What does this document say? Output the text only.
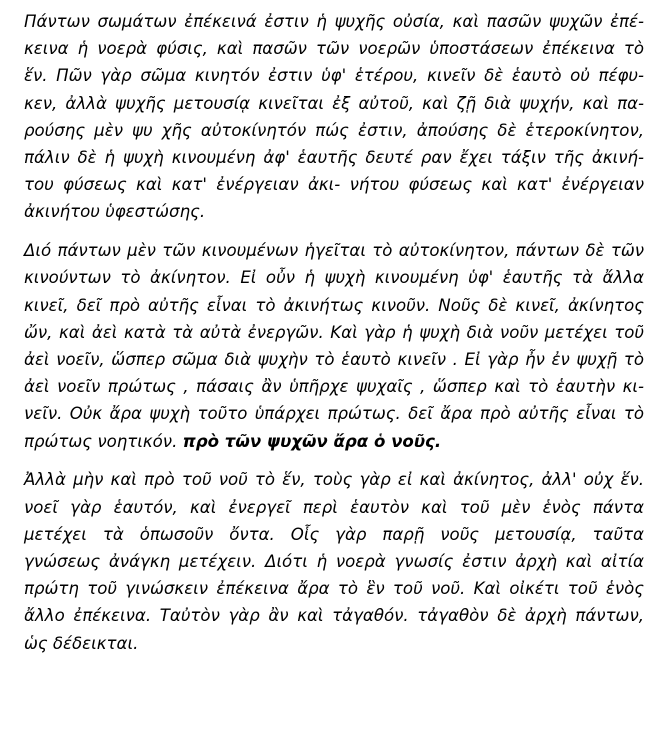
Πάντων σωμάτων ἐπέκεινά ἐστιν ἡ ψυχῆς οὐσία, καὶ πασῶν ψυχῶν ἐπέ-
κεινα ἡ νοερὰ φύσις, καὶ πασῶν τῶν νοερῶν ὑποστάσεων ἐπέκεινα τὸ
ἕν. Πῶν γὰρ σῶμα κινητόν ἐστιν ὑφ' ἑτέρου, κινεῖν δὲ ἑαυτὸ οὐ πέφυ-
κεν, ἀλλὰ ψυχῆς μετουσίᾳ κινεῖται ἐξ αὐτοῦ, καὶ ζῇ διὰ ψυχήν, καὶ πα-
ρούσης μὲν ψυ χῆς αὐτοκίνητόν πώς ἐστιν, ἀπούσης δὲ ἑτεροκίνητον,
πάλιν δὲ ἡ ψυχὴ κινουμένη ἀφ' ἑαυτῆς δευτέ ραν ἔχει τάξιν τῆς ἀκινή-
του φύσεως καὶ κατ' ἐνέργειαν ἀκι- νήτου φύσεως καὶ κατ' ἐνέργειαν
ἀκινήτου ὑφεστώσης.
Διό πάντων μὲν τῶν κινουμένων ἡγεῖται τὸ αὐτοκίνητον, πάντων δὲ τῶν
κινούντων τὸ ἀκίνητον. Εἰ οὖν ἡ ψυχὴ κινουμένη ὑφ' ἑαυτῆς τὰ ἄλλα
κινεῖ, δεῖ πρὸ αὐτῆς εἶναι τὸ ἀκινήτως κινοῦν. Νοῦς δὲ κινεῖ, ἀκίνητος
ὤν, καὶ ἀεὶ κατὰ τὰ αὐτὰ ἐνεργῶν. Καὶ γὰρ ἡ ψυχὴ διὰ νοῦν μετέχει τοῦ
ἀεὶ νοεῖν, ὥσπερ σῶμα διὰ ψυχὴν τὸ ἑαυτὸ κινεῖν . Εἰ γὰρ ἦν ἐν ψυχῇ τὸ
ἀεὶ νοεῖν πρώτως , πάσαις ἂν ὑπῆρχε ψυχαῖς , ὥσπερ καὶ τὸ ἑαυτὴν κι-
νεῖν. Οὐκ ἄρα ψυχὴ τοῦτο ὑπάρχει πρώτως. δεῖ ἄρα πρὸ αὐτῆς εἶναι τὸ
πρώτως νοητικόν. πρὸ τῶν ψυχῶν ἄρα ὁ νοῦς.
Ἀλλὰ μὴν καὶ πρὸ τοῦ νοῦ τὸ ἕν, τοὺς γὰρ εἰ καὶ ἀκίνητος, ἀλλ' οὐχ ἕν.
νοεῖ γὰρ ἑαυτόν, καὶ ἐνεργεῖ περὶ ἑαυτὸν καὶ τοῦ μὲν ἑνὸς πάντα
μετέχει τὰ ὁπωσοῦν ὄντα. Οἷς γὰρ παρῇ νοῦς μετουσίᾳ, ταῦτα
γνώσεως ἀνάγκη μετέχειν. Διότι ἡ νοερὰ γνωσίς ἐστιν ἀρχὴ καὶ αἰτία
πρώτη τοῦ γινώσκειν ἐπέκεινα ἄρα τὸ ἓν τοῦ νοῦ. Καὶ οἰκέτι τοῦ ἑνὸς
ἄλλο ἐπέκεινα. Ταὐτὸν γὰρ ἂν καὶ τἀγαθόν. τἀγαθὸν δὲ ἀρχὴ πάντων,
ὡς δέδεικται.
